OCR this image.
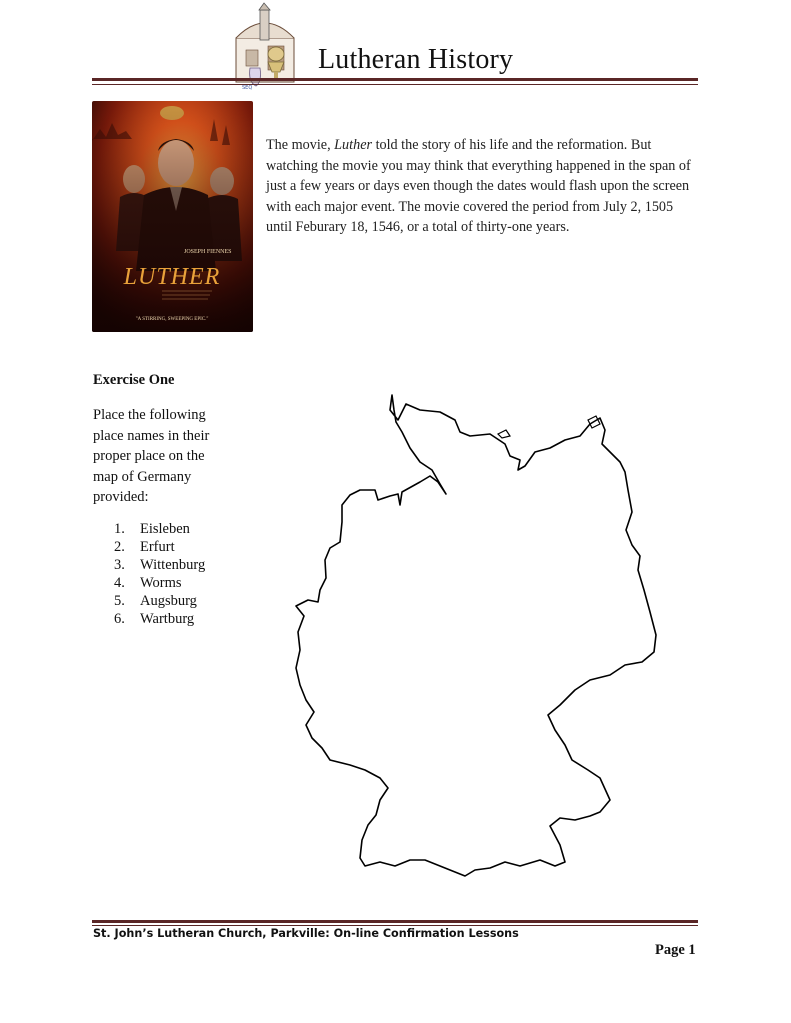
SEQ
Lutheran History
JOSEPH FIENNES
LUTHER
"A STIRRING, SWEEPING EPIC."
The movie, Luther told the story of his life and the reformation. But watching the movie you may think that everything happened in the span of just a few years or days even though the dates would flash upon the screen with each major event. The movie covered the period from July 2, 1505 until Feburary 18, 1546, or a total of thirty-one years.
Exercise One
Place the following place names in their proper place on the map of Germany provided:
1.	Eisleben
2.	Erfurt
3.	Wittenburg
4.	Worms
5.	Augsburg
6.	Wartburg
St. John’s Lutheran Church, Parkville: On-line Confirmation Lessons
Page 1
